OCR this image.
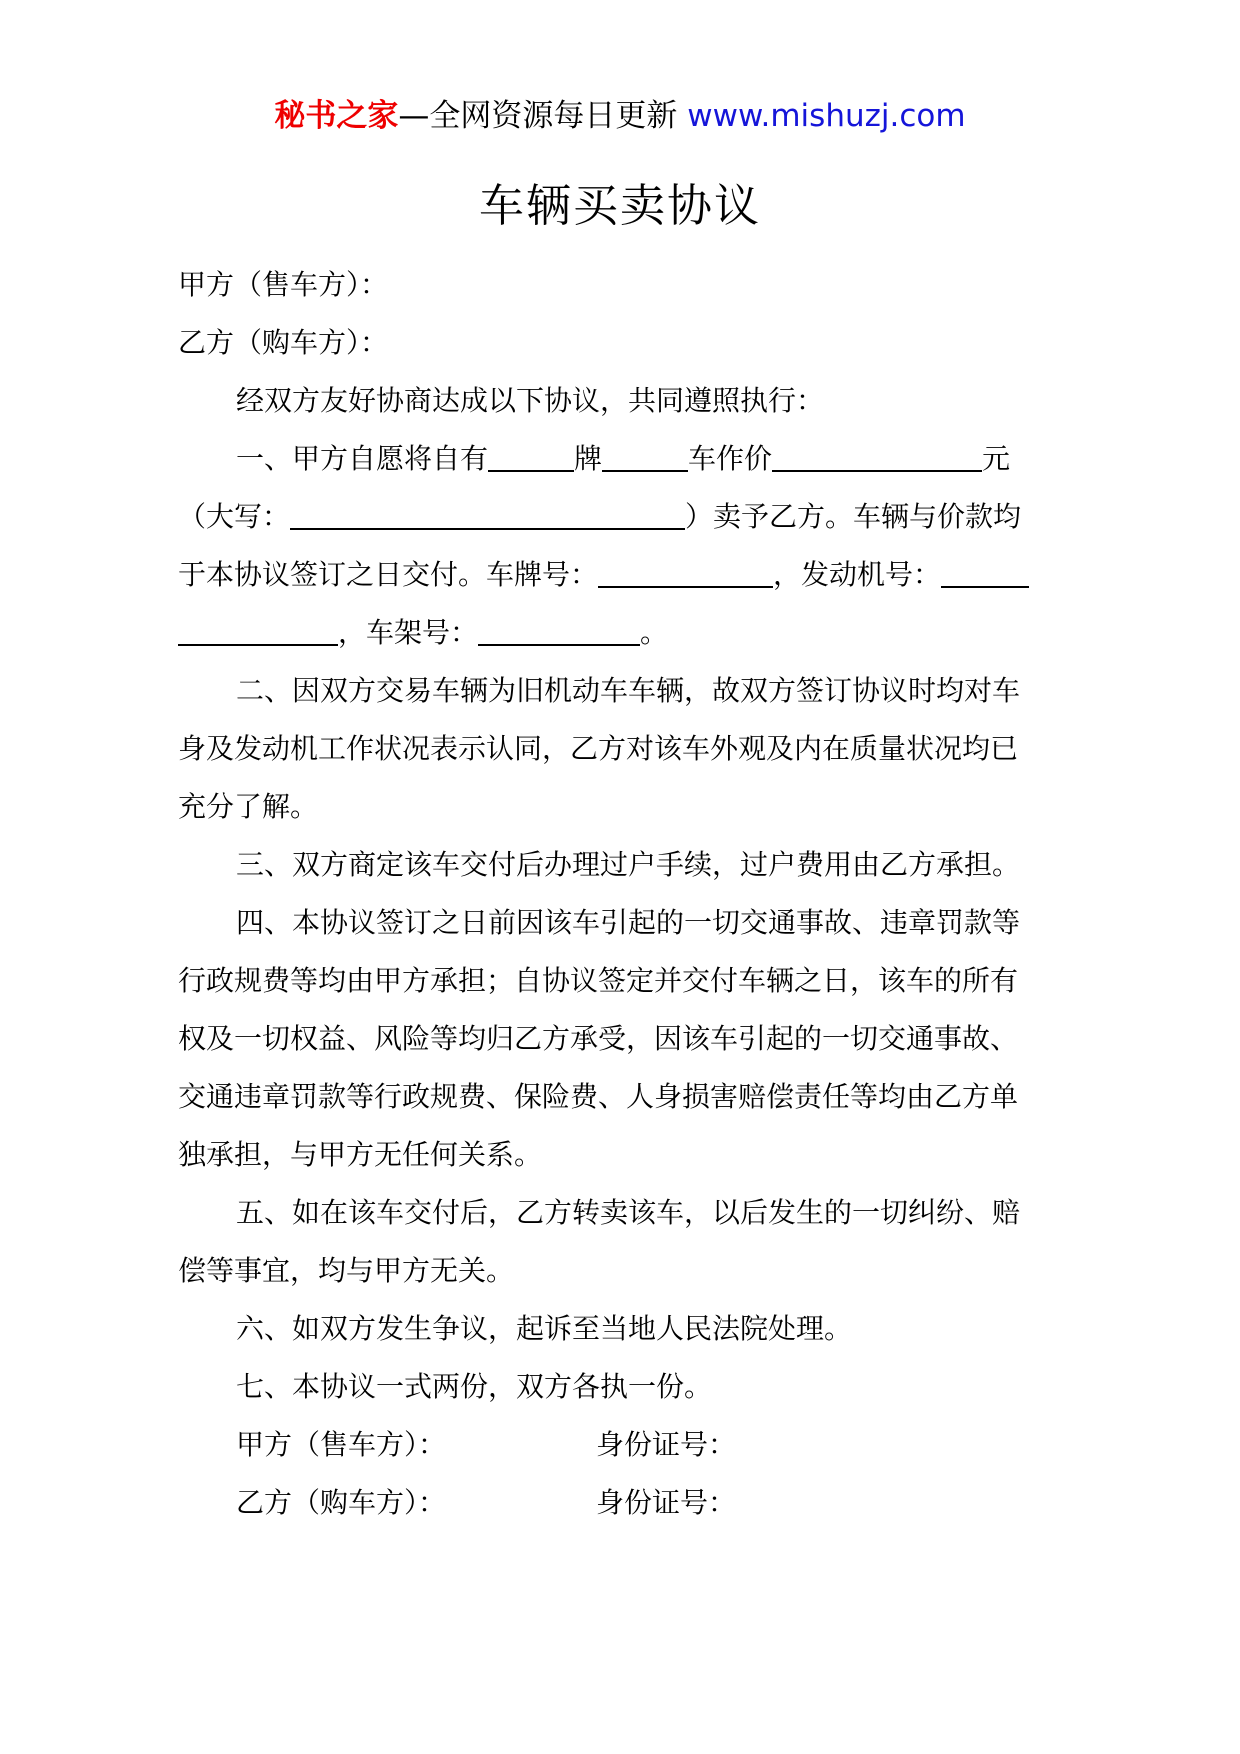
秘书之家—全网资源每日更新 www.mishuzj.com
车辆买卖协议
甲方（售车方）：
乙方（购车方）：
经双方友好协商达成以下协议，共同遵照执行：
一、甲方自愿将自有	牌	车作价	元
（大写：	）卖予乙方。车辆与价款均
于本协议签订之日交付。车牌号：	，发动机号：
，车架号：	。
二、因双方交易车辆为旧机动车车辆，故双方签订协议时均对车
身及发动机工作状况表示认同，乙方对该车外观及内在质量状况均已
充分了解。
三、双方商定该车交付后办理过户手续，过户费用由乙方承担。
四、本协议签订之日前因该车引起的一切交通事故、违章罚款等
行政规费等均由甲方承担；自协议签定并交付车辆之日，该车的所有
权及一切权益、风险等均归乙方承受，因该车引起的一切交通事故、
交通违章罚款等行政规费、保险费、人身损害赔偿责任等均由乙方单
独承担，与甲方无任何关系。
五、如在该车交付后，乙方转卖该车，以后发生的一切纠纷、赔
偿等事宜，均与甲方无关。
六、如双方发生争议，起诉至当地人民法院处理。
七、本协议一式两份，双方各执一份。
甲方（售车方）：	身份证号：
乙方（购车方）：	身份证号：
